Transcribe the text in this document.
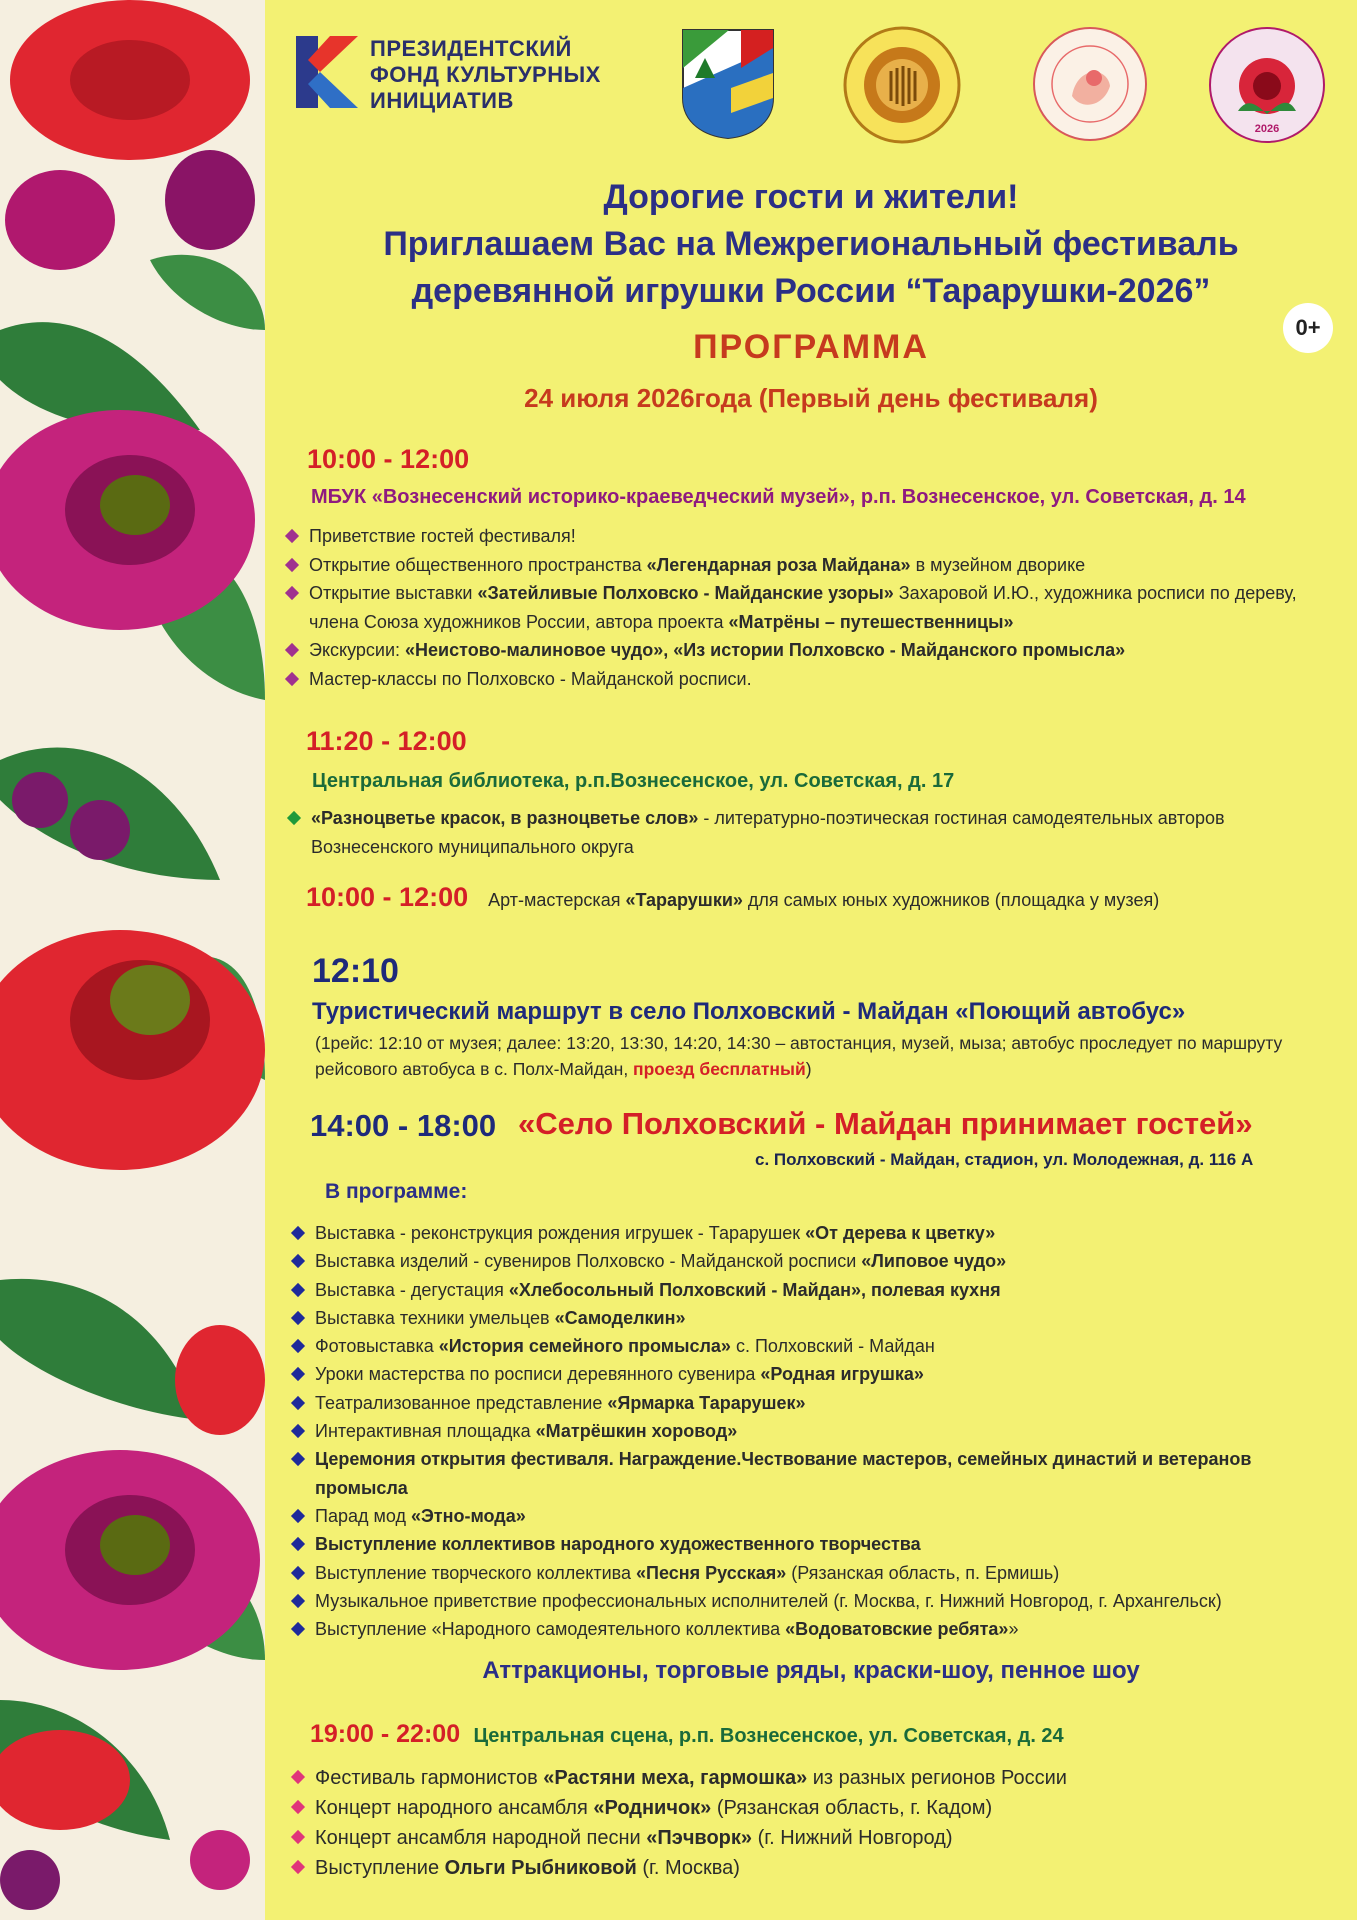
ПРЕЗИДЕНТСКИЙ
ФОНД КУЛЬТУРНЫХ
ИНИЦИАТИВ
2026
Дорогие гости и жители!
Приглашаем Вас на Межрегиональный фестиваль
деревянной игрушки России “Тарарушки-2026”
0+
ПРОГРАММА
24 июля 2026года (Первый день фестиваля)
10:00 - 12:00
МБУК «Вознесенский историко-краеведческий музей», р.п. Вознесенское, ул. Советская, д. 14
Приветствие гостей фестиваля!
Открытие общественного пространства «Легендарная роза Майдана» в музейном дворике
Открытие выставки «Затейливые Полховско - Майданские узоры» Захаровой И.Ю., художника росписи по дереву, члена Союза художников России, автора проекта «Матрёны – путешественницы»
Экскурсии: «Неистово-малиновое чудо», «Из истории Полховско - Майданского промысла»
Мастер-классы по Полховско - Майданской росписи.
11:20 - 12:00
Центральная библиотека, р.п.Вознесенское, ул. Советская, д. 17
«Разноцветье красок, в разноцветье слов» - литературно-поэтическая гостиная самодеятельных авторов Вознесенского муниципального округа
10:00 - 12:00 Арт-мастерская «Тарарушки» для самых юных художников (площадка у музея)
12:10
Туристический маршрут в село Полховский - Майдан «Поющий автобус»
(1рейс: 12:10 от музея; далее: 13:20, 13:30, 14:20, 14:30 – автостанция, музей, мыза; автобус проследует по маршруту рейсового автобуса в с. Полх-Майдан, проезд бесплатный)
14:00 - 18:00 «Село Полховский - Майдан принимает гостей»
с. Полховский - Майдан, стадион, ул. Молодежная, д. 116 А
В программе:
Выставка - реконструкция рождения игрушек - Тарарушек «От дерева к цветку»
Выставка изделий - сувениров Полховско - Майданской росписи «Липовое чудо»
Выставка - дегустация «Хлебосольный Полховский - Майдан», полевая кухня
Выставка техники умельцев «Самоделкин»
Фотовыставка «История семейного промысла» с. Полховский - Майдан
Уроки мастерства по росписи деревянного сувенира «Родная игрушка»
Театрализованное представление «Ярмарка Тарарушек»
Интерактивная площадка «Матрёшкин хоровод»
Церемония открытия фестиваля. Награждение.Чествование мастеров, семейных династий и ветеранов промысла
Парад мод «Этно-мода»
Выступление коллективов народного художественного творчества
Выступление творческого коллектива «Песня Русская» (Рязанская область, п. Ермишь)
Музыкальное приветствие профессиональных исполнителей (г. Москва, г. Нижний Новгород, г. Архангельск)
Выступление «Народного самодеятельного коллектива «Водоватовские ребята»»
Аттракционы, торговые ряды, краски-шоу, пенное шоу
19:00 - 22:00 Центральная сцена, р.п. Вознесенское, ул. Советская, д. 24
Фестиваль гармонистов «Растяни меха, гармошка» из разных регионов России
Концерт народного ансамбля «Родничок» (Рязанская область, г. Кадом)
Концерт ансамбля народной песни «Пэчворк» (г. Нижний Новгород)
Выступление Ольги Рыбниковой (г. Москва)
